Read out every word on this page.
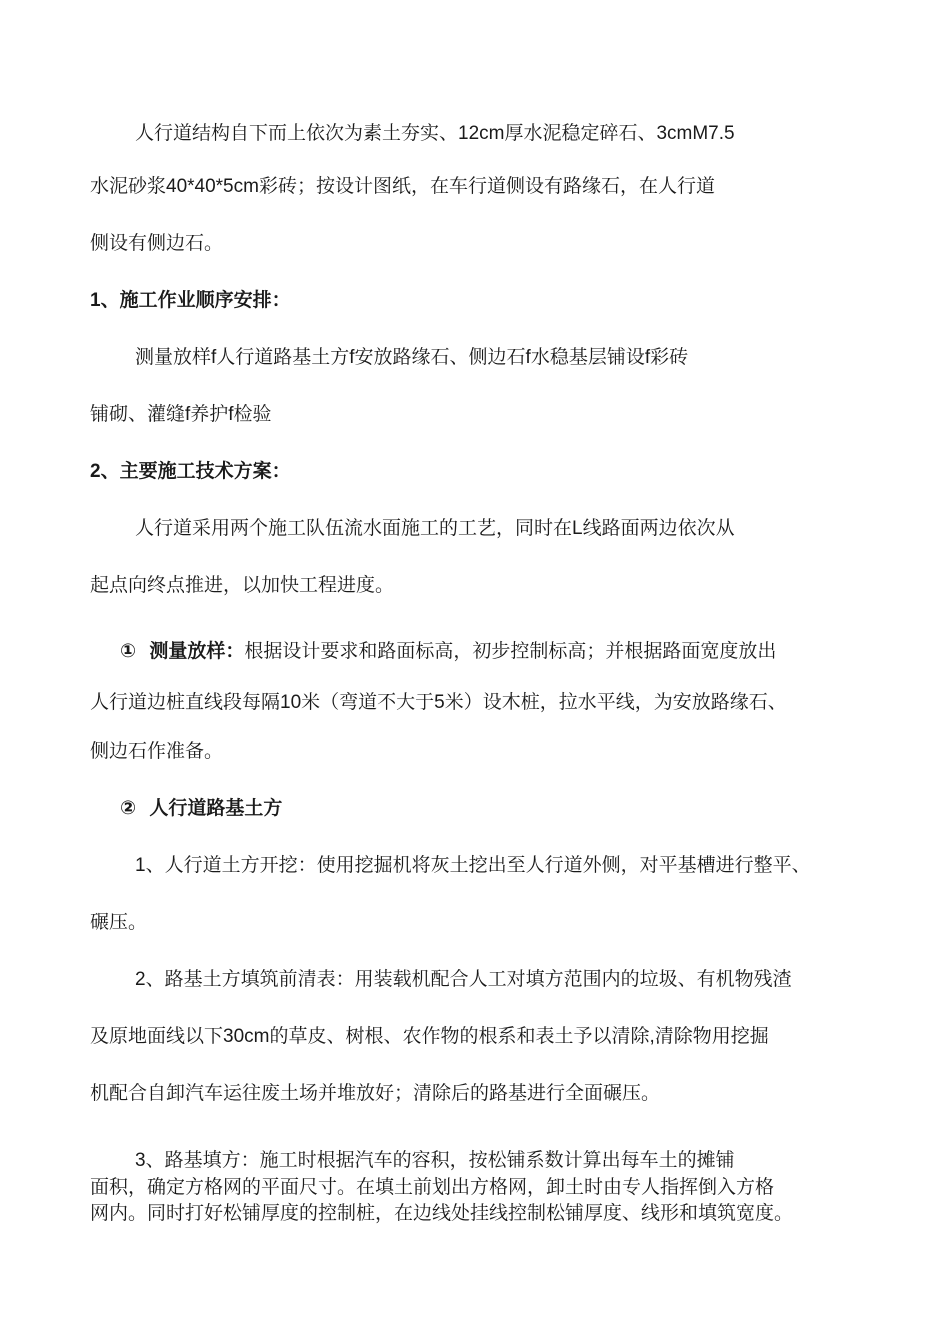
人行道结构自下而上依次为素土夯实、12cm厚水泥稳定碎石、3cmM7.5
水泥砂浆40*40*5cm彩砖；按设计图纸，在车行道侧设有路缘石，在人行道
侧设有侧边石。
1、施工作业顺序安排：
测量放样f人行道路基土方f安放路缘石、侧边石f水稳基层铺设f彩砖
铺砌、灌缝f养护f检验
2、主要施工技术方案：
人行道采用两个施工队伍流水面施工的工艺，同时在L线路面两边依次从
起点向终点推进，以加快工程进度。
① 测量放样：根据设计要求和路面标高，初步控制标高；并根据路面宽度放出
人行道边桩直线段每隔10米（弯道不大于5米）设木桩，拉水平线，为安放路缘石、
侧边石作准备。
② 人行道路基土方
1、人行道土方开挖：使用挖掘机将灰土挖出至人行道外侧，对平基槽进行整平、
碾压。
2、路基土方填筑前清表：用装载机配合人工对填方范围内的垃圾、有机物残渣
及原地面线以下30cm的草皮、树根、农作物的根系和表土予以清除,清除物用挖掘
机配合自卸汽车运往废土场并堆放好；清除后的路基进行全面碾压。
3、路基填方：施工时根据汽车的容积，按松铺系数计算出每车土的摊铺
面积，确定方格网的平面尺寸。在填土前划出方格网，卸土时由专人指挥倒入方格
网内。同时打好松铺厚度的控制桩，在边线处挂线控制松铺厚度、线形和填筑宽度。
